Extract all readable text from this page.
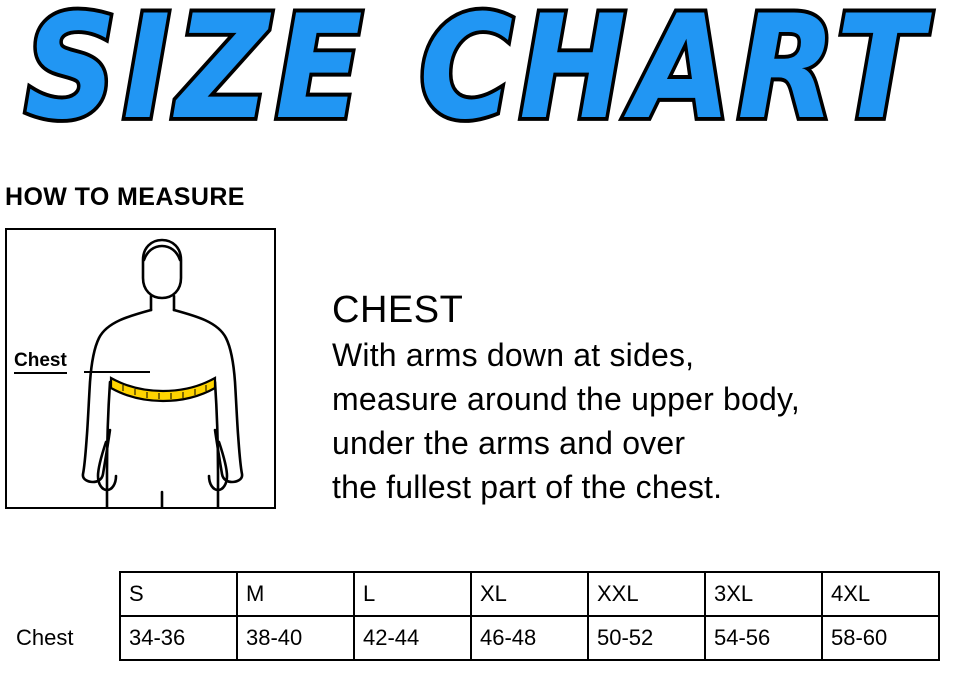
SIZE CHART
HOW TO MEASURE
Chest
CHEST
With arms down at sides,
measure around the upper body,
under the arms and over
the fullest part of the chest.
	S	M	L	XL	XXL	3XL	4XL
Chest	34-36	38-40	42-44	46-48	50-52	54-56	58-60
